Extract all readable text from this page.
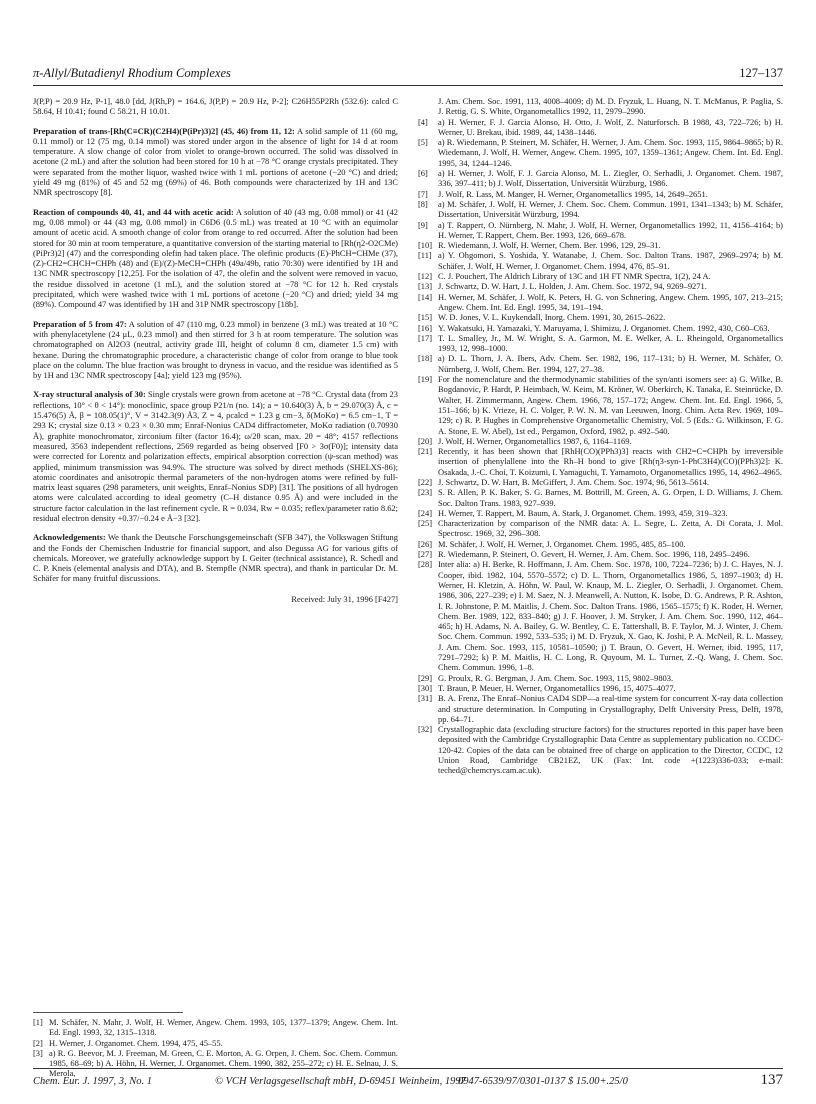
π-Allyl/Butadienyl Rhodium Complexes	127–137

J(P,P) = 20.9 Hz, P-1], 48.0 [dd, J(Rh,P) = 164.6, J(P,P) = 20.9 Hz, P-2]; C26H55P2Rh (532.6): calcd C 58.64, H 10.41; found C 58.21, H 10.01.

Preparation of trans-[Rh(C≡CR)(C2H4)(P(iPr)3)2] (45, 46) from 11, 12: A solid sample of 11 (60 mg, 0.11 mmol) or 12 (75 mg, 0.14 mmol) was stored under argon in the absence of light for 14 d at room temperature. A slow change of color from violet to orange-brown occurred. The solid was dissolved in acetone (2 mL) and after the solution had been stored for 10 h at −78 °C orange crystals precipitated. They were separated from the mother liquor, washed twice with 1 mL portions of acetone (−20 °C) and dried; yield 49 mg (81%) of 45 and 52 mg (69%) of 46. Both compounds were characterized by 1H and 13C NMR spectroscopy [8].

Reaction of compounds 40, 41, and 44 with acetic acid: A solution of 40 (43 mg, 0.08 mmol) or 41 (42 mg, 0.08 mmol) or 44 (43 mg, 0.08 mmol) in C6D6 (0.5 mL) was treated at 10 °C with an equimolar amount of acetic acid. A smooth change of color from orange to red occurred. After the solution had been stored for 30 min at room temperature, a quantitative conversion of the starting material to [Rh(η2-O2CMe)(PiPr3)2] (47) and the corresponding olefin had taken place. The olefinic products (E)-PhCH=CHMe (37), (Z)-CH2=CHCH=CHPh (48) and (E)/(Z)-MeCH=CHPh (49a/49b, ratio 70:30) were identified by 1H and 13C NMR spectroscopy [12,25]. For the isolation of 47, the olefin and the solvent were removed in vacuo, the residue dissolved in acetone (1 mL), and the solution stored at −78 °C for 12 h. Red crystals precipitated, which were washed twice with 1 mL portions of acetone (−20 °C) and dried; yield 34 mg (89%). Compound 47 was identified by 1H and 31P NMR spectroscopy [18b].

Preparation of 5 from 47: A solution of 47 (110 mg, 0.23 mmol) in benzene (3 mL) was treated at 10 °C with phenylacetylene (24 μL, 0.23 mmol) and then stirred for 3 h at room temperature. The solution was chromatographed on Al2O3 (neutral, activity grade III, height of column 8 cm, diameter 1.5 cm) with hexane. During the chromatographic procedure, a characteristic change of color from orange to blue took place on the column. The blue fraction was brought to dryness in vacuo, and the residue was identified as 5 by 1H and 13C NMR spectroscopy [4a]; yield 123 mg (95%).

X-ray structural analysis of 30: Single crystals were grown from acetone at −78 °C. Crystal data (from 23 reflections, 10° < θ < 14°): monoclinic, space group P21/n (no. 14); a = 10.640(3) Å, b = 29.070(3) Å, c = 15.476(5) Å, β = 108.05(1)°, V = 3142.3(9) Å3, Z = 4, ρcalcd = 1.23 g cm−3, δ(MoKα) = 6.5 cm−1, T = 293 K; crystal size 0.13 × 0.23 × 0.30 mm; Enraf-Nonius CAD4 diffractometer, MoKα radiation (0.70930 Å), graphite monochromator, zirconium filter (factor 16.4); ω/2θ scan, max. 2θ = 48°; 4157 reflections measured, 3563 independent reflections, 2569 regarded as being observed [F0 > 3σ(F0)]; intensity data were corrected for Lorentz and polarization effects, empirical absorption correction (ψ-scan method) was applied, minimum transmission was 94.9%. The structure was solved by direct methods (SHELXS-86); atomic coordinates and anisotropic thermal parameters of the non-hydrogen atoms were refined by full-matrix least squares (298 parameters, unit weights, Enraf–Nonius SDP) [31]. The positions of all hydrogen atoms were calculated according to ideal geometry (C–H distance 0.95 Å) and were included in the structure factor calculation in the last refinement cycle. R = 0.034, Rw = 0.035; reflex/parameter ratio 8.62; residual electron density +0.37/−0.24 e Å−3 [32].

Acknowledgements: We thank the Deutsche Forschungsgemeinschaft (SFB 347), the Volkswagen Stiftung and the Fonds der Chemischen Industrie for financial support, and also Degussa AG for various gifts of chemicals. Moreover, we gratefully acknowledge support by I. Geiter (technical assistance), R. Schedl and C. P. Kneis (elemental analysis and DTA), and B. Stempfle (NMR spectra), and thank in particular Dr. M. Schäfer for many fruitful discussions.

Received: July 31, 1996 [F427]
[1] M. Schäfer, N. Mahr, J. Wolf, H. Werner, Angew. Chem. 1993, 105, 1377–1379; Angew. Chem. Int. Ed. Engl. 1993, 32, 1315–1318.
[2] H. Werner, J. Organomet. Chem. 1994, 475, 45–55.
[3] a) R. G. Beevor, M. J. Freeman, M. Green, C. E. Morton, A. G. Orpen, J. Chem. Soc. Chem. Commun. 1985, 68–69; b) A. Höhn, H. Werner, J. Organomet. Chem. 1990, 382, 255–272; c) H. E. Selnau, J. S. Merola,
J. Am. Chem. Soc. 1991, 113, 4008–4009; d) M. D. Fryzuk, L. Huang, N. T. McManus, P. Paglia, S. J. Rettig, G. S. White, Organometallics 1992, 11, 2979–2990.
[4]	a) H. Werner, F. J. Garcia Alonso, H. Otto, J. Wolf, Z. Naturforsch. B 1988, 43, 722–726; b) H. Werner, U. Brekau, ibid. 1989, 44, 1438–1446.
[5]	a) R. Wiedemann, P. Steinert, M. Schäfer, H. Werner, J. Am. Chem. Soc. 1993, 115, 9864–9865; b) R. Wiedemann, J. Wolf, H. Werner, Angew. Chem. 1995, 107, 1359–1361; Angew. Chem. Int. Ed. Engl. 1995, 34, 1244–1246.
[6]	a) H. Werner, J. Wolf, F. J. Garcia Alonso, M. L. Ziegler, O. Serhadli, J. Organomet. Chem. 1987, 336, 397–411; b) J. Wolf, Dissertation, Universität Würzburg, 1986.
[7]	J. Wolf, R. Lass, M. Manger, H. Werner, Organometallics 1995, 14, 2649–2651.
[8]	a) M. Schäfer, J. Wolf, H. Werner, J. Chem. Soc. Chem. Commun. 1991, 1341–1343; b) M. Schäfer, Dissertation, Universität Würzburg, 1994.
[9]	a) T. Rappert, O. Nürnberg, N. Mahr, J. Wolf, H. Werner, Organometallics 1992, 11, 4156–4164; b) H. Werner, T. Rappert, Chem. Ber. 1993, 126, 669–678.
[10] R. Wiedemann, J. Wolf, H. Werner, Chem. Ber. 1996, 129, 29–31.
[11] a) Y. Ohgomori, S. Yoshida, Y. Watanabe, J. Chem. Soc. Dalton Trans. 1987, 2969–2974; b) M. Schäfer, J. Wolf, H. Werner, J. Organomet. Chem. 1994, 476, 85–91.
[12] C. J. Pouchert, The Aldrich Library of 13C and 1H FT NMR Spectra, 1(2), 24 A.
[13] J. Schwartz, D. W. Hart, J. L. Holden, J. Am. Chem. Soc. 1972, 94, 9269–9271.
[14] H. Werner, M. Schäfer, J. Wolf, K. Peters, H. G. von Schnering, Angew. Chem. 1995, 107, 213–215; Angew. Chem. Int. Ed. Engl. 1995, 34, 191–194.
[15] W. D. Jones, V. L. Kuykendall, Inorg. Chem. 1991, 30, 2615–2622.
[16] Y. Wakatsuki, H. Yamazaki, Y. Maruyama, I. Shimizu, J. Organomet. Chem. 1992, 430, C60–C63.
[17] T. L. Smalley, Jr., M. W. Wright, S. A. Garmon, M. E. Welker, A. L. Rheingold, Organometallics 1993, 12, 998–1000.
[18] a) D. L. Thorn, J. A. Ibers, Adv. Chem. Ser. 1982, 196, 117–131; b) H. Werner, M. Schäfer, O. Nürnberg, J. Wolf, Chem. Ber. 1994, 127, 27–38.
[19] For the nomenclature and the thermodynamic stabilities of the syn/anti isomers see: a) G. Wilke, B. Bogdanovic, P. Hardt, P. Heimbach, W. Keim, M. Kröner, W. Oberkirch, K. Tanaka, E. Steinrücke, D. Walter, H. Zimmermann, Angew. Chem. 1966, 78, 157–172; Angew. Chem. Int. Ed. Engl. 1966, 5, 151–166; b) K. Vrieze, H. C. Volger, P. W. N. M. van Leeuwen, Inorg. Chim. Acta Rev. 1969, 109–129; c) R. P. Hughes in Comprehensive Organometallic Chemistry, Vol. 5 (Eds.: G. Wilkinson, F. G. A. Stone, E. W. Abel), 1st ed., Pergamon, Oxford, 1982, p. 492–540.
[20] J. Wolf, H. Werner, Organometallics 1987, 6, 1164–1169.
[21] Recently, it has been shown that [RhH(CO)(PPh3)3] reacts with CH2=C=CHPh by irreversible insertion of phenylallene into the Rh–H bond to give [Rh(η3-syn-1-PhC3H4)(CO)(PPh3)2]: K. Osakada, J.-C. Choi, T. Koizumi, I. Yamaguchi, T. Yamamoto, Organometallics 1995, 14, 4962–4965.
[22] J. Schwartz, D. W. Hart, B. McGiffert, J. Am. Chem. Soc. 1974, 96, 5613–5614.
[23] S. R. Allen, P. K. Baker, S. G. Barnes, M. Bottrill, M. Green, A. G. Orpen, I. D. Williams, J. Chem. Soc. Dalton Trans. 1983, 927–939.
[24] H. Werner, T. Rappert, M. Baum, A. Stark, J. Organomet. Chem. 1993, 459, 319–323.
[25] Characterization by comparison of the NMR data: A. L. Segre, L. Zetta, A. Di Corata, J. Mol. Spectrosc. 1969, 32, 296–308.
[26] M. Schäfer, J. Wolf, H. Werner, J. Organomet. Chem. 1995, 485, 85–100.
[27] R. Wiedemann, P. Steinert, O. Gevert, H. Werner, J. Am. Chem. Soc. 1996, 118, 2495–2496.
[28] Inter alia: a) H. Berke, R. Hoffmann, J. Am. Chem. Soc. 1978, 100, 7224–7236; b) J. C. Hayes, N. J. Cooper, ibid. 1982, 104, 5570–5572; c) D. L. Thorn, Organometallics 1986, 5, 1897–1903; d) H. Werner, H. Kletzin, A. Höhn, W. Paul, W. Knaup, M. L. Ziegler, O. Serhadli, J. Organomet. Chem. 1986, 306, 227–239; e) I. M. Saez, N. J. Meanwell, A. Nutton, K. Isobe, D. G. Andrews, P. R. Ashton, I. R. Johnstone, P. M. Maitlis, J. Chem. Soc. Dalton Trans. 1986, 1565–1575; f) K. Roder, H. Werner, Chem. Ber. 1989, 122, 833–840; g) J. F. Hoover, J. M. Stryker, J. Am. Chem. Soc. 1990, 112, 464–465; h) H. Adams, N. A. Bailey, G. W. Bentley, C. E. Tattershall, B. F. Taylor, M. J. Winter, J. Chem. Soc. Chem. Commun. 1992, 533–535; i) M. D. Fryzuk, X. Gao, K. Joshi, P. A. McNeil, R. L. Massey, J. Am. Chem. Soc. 1993, 115, 10581–10590; j) T. Braun, O. Gevert, H. Werner, ibid. 1995, 117, 7291–7292; k) P. M. Maitlis, H. C. Long, R. Quyoum, M. L. Turner, Z.-Q. Wang, J. Chem. Soc. Chem. Commun. 1996, 1–8.
[29] G. Proulx, R. G. Bergman, J. Am. Chem. Soc. 1993, 115, 9802–9803.
[30] T. Braun, P. Meuer, H. Werner, Organometallics 1996, 15, 4075–4077.
[31] B. A. Frenz, The Enraf–Nonius CAD4 SDP—a real-time system for concurrent X-ray data collection and structure determination. In Computing in Crystallography, Delft University Press, Delft, 1978, pp. 64–71.
[32] Crystallographic data (excluding structure factors) for the structures reported in this paper have been deposited with the Cambridge Crystallographic Data Centre as supplementary publication no. CCDC-120-42. Copies of the data can be obtained free of charge on application to the Director, CCDC, 12 Union Road, Cambridge CB21EZ, UK (Fax: Int. code +(1223)336-033; e-mail: teched@chemcrys.cam.ac.uk).
Chem. Eur. J. 1997, 3, No. 1	© VCH Verlagsgesellschaft mbH, D-69451 Weinheim, 1997
0947-6539/97/0301-0137 $ 15.00+.25/0	137
